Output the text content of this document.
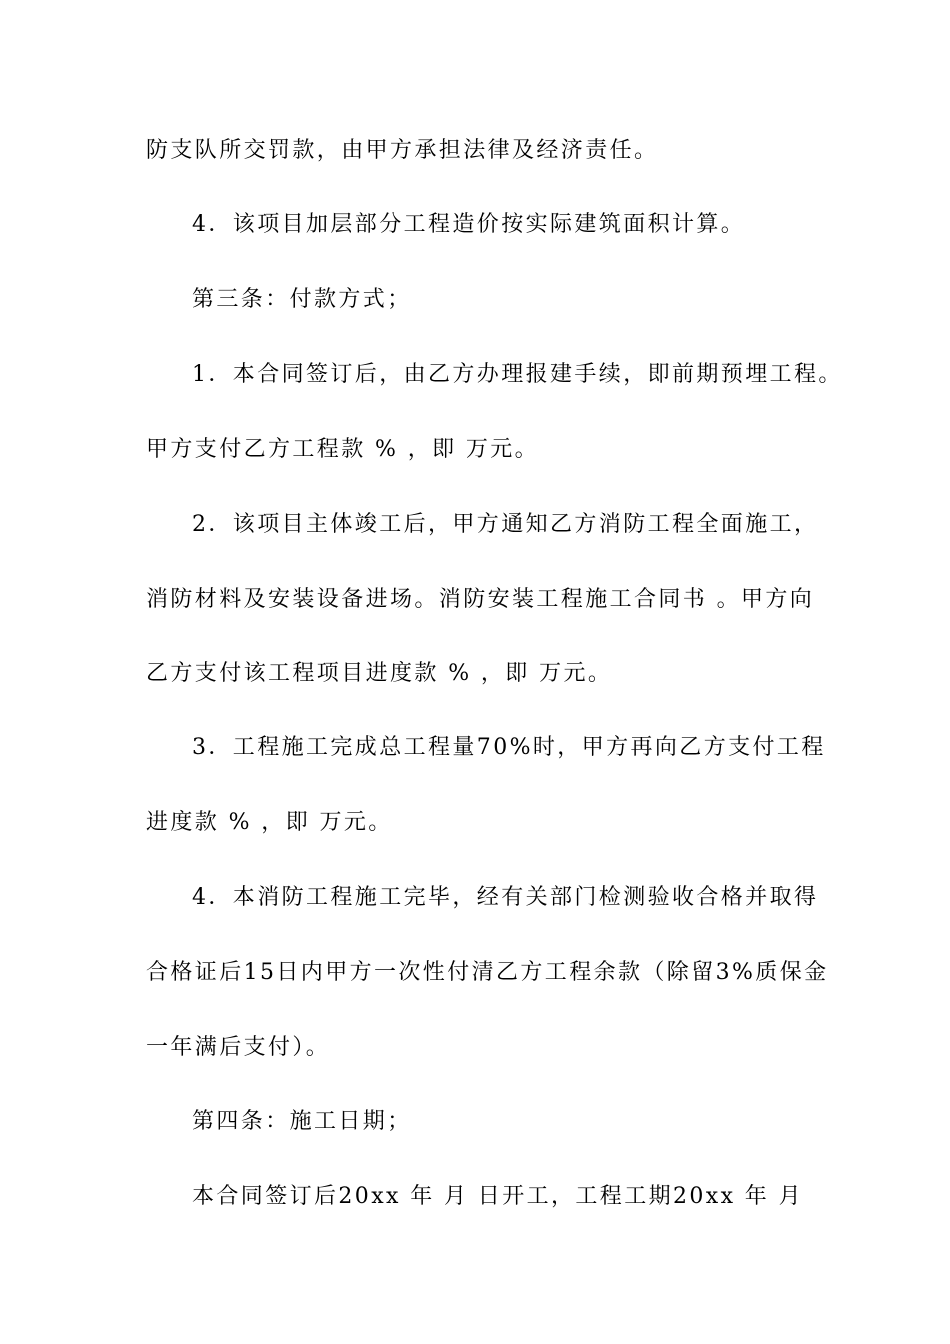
防支队所交罚款，由甲方承担法律及经济责任。
4．该项目加层部分工程造价按实际建筑面积计算。
第三条：付款方式；
1．本合同签订后，由乙方办理报建手续，即前期预埋工程。
甲方支付乙方工程款 % ，即 万元。
2．该项目主体竣工后，甲方通知乙方消防工程全面施工，
消防材料及安装设备进场。消防安装工程施工合同书 。甲方向
乙方支付该工程项目进度款 % ，即 万元。
3．工程施工完成总工程量70%时，甲方再向乙方支付工程
进度款 % ，即 万元。
4．本消防工程施工完毕，经有关部门检测验收合格并取得
合格证后15日内甲方一次性付清乙方工程余款（除留3%质保金
一年满后支付）。
第四条：施工日期；
本合同签订后20xx 年 月 日开工，工程工期20xx 年 月
